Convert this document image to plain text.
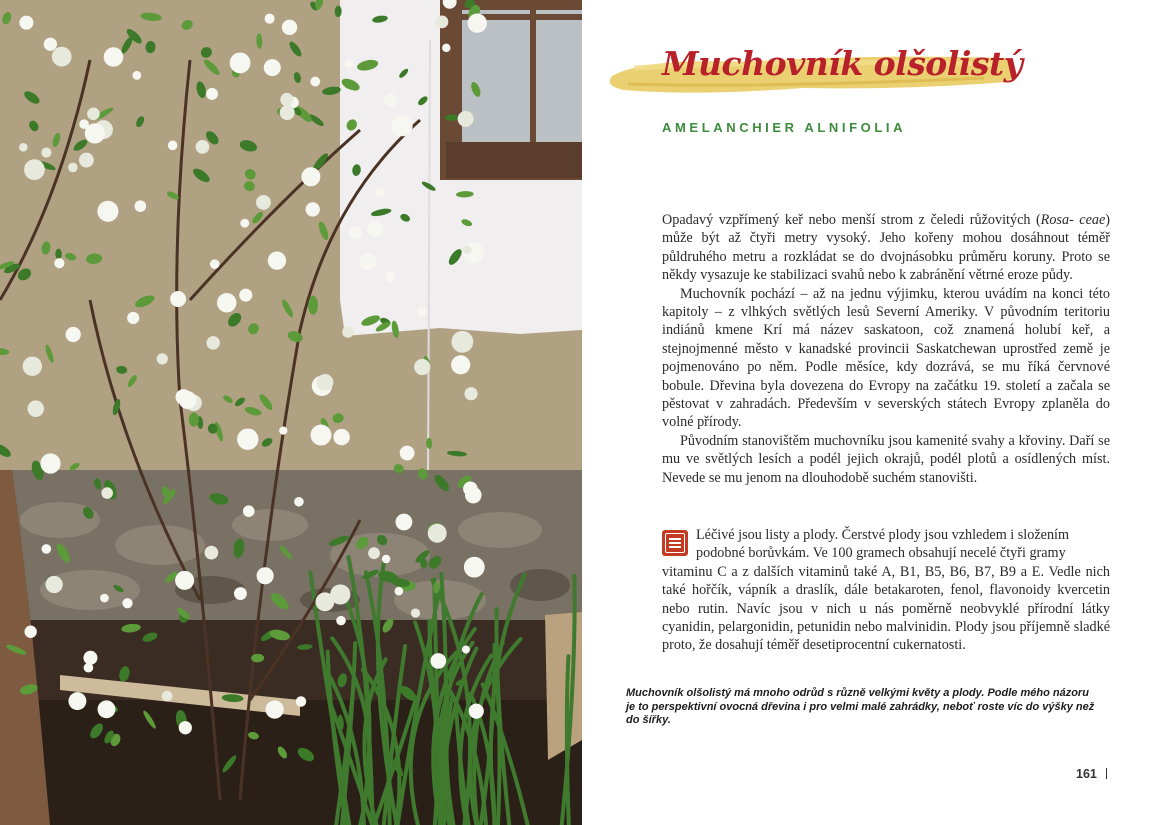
Muchovník olšolistý
AMELANCHIER ALNIFOLIA

Opadavý vzpřímený keř nebo menší strom z čeledi růžovitých (Rosa- ceae) může být až čtyři metry vysoký. Jeho kořeny mohou dosáhnout téměř půldruhého metru a rozkládat se do dvojnásobku průměru koruny. Proto se někdy vysazuje ke stabilizaci svahů nebo k zabránění větrné eroze půdy.

Muchovník pochází – až na jednu výjimku, kterou uvádím na konci této kapitoly – z vlhkých světlých lesů Severní Ameriky. V původním teritoriu indiánů kmene Krí má název saskatoon, což znamená holubí keř, a stejnojmenné město v kanadské provincii Saskatchewan uprostřed země je pojmenováno po něm. Podle měsíce, kdy dozrává, se mu říká červnové bobule. Dřevina byla dovezena do Evropy na začátku 19. století a začala se pěstovat v zahradách. Především v severských státech Evropy zplaněla do volné přírody.

Původním stanovištěm muchovníku jsou kamenité svahy a křoviny. Daří se mu ve světlých lesích a podél jejich okrajů, podél plotů a osídlených míst. Nevede se mu jenom na dlouhodobě suchém stanovišti.

Léčivé jsou listy a plody. Čerstvé plody jsou vzhledem i složením
podobné borůvkám. Ve 100 gramech obsahují necelé čtyři gramy
vitaminu C a z dalších vitaminů také A, B1, B5, B6, B7, B9 a E. Vedle nich také hořčík, vápník a draslík, dále betakaroten, fenol, flavonoidy kvercetin nebo rutin. Navíc jsou v nich u nás poměrně neobvyklé přírodní látky cyanidin, pelargonidin, petunidin nebo malvinidin. Plody jsou příjemně sladké proto, že dosahují téměř desetiprocentní cukernatosti.

Muchovník olšolistý má mnoho odrůd s různě velkými květy a plody. Podle mého názoru je to perspektivní ovocná dřevina i pro velmi malé zahrádky, neboť roste víc do výšky než do šířky.

161
